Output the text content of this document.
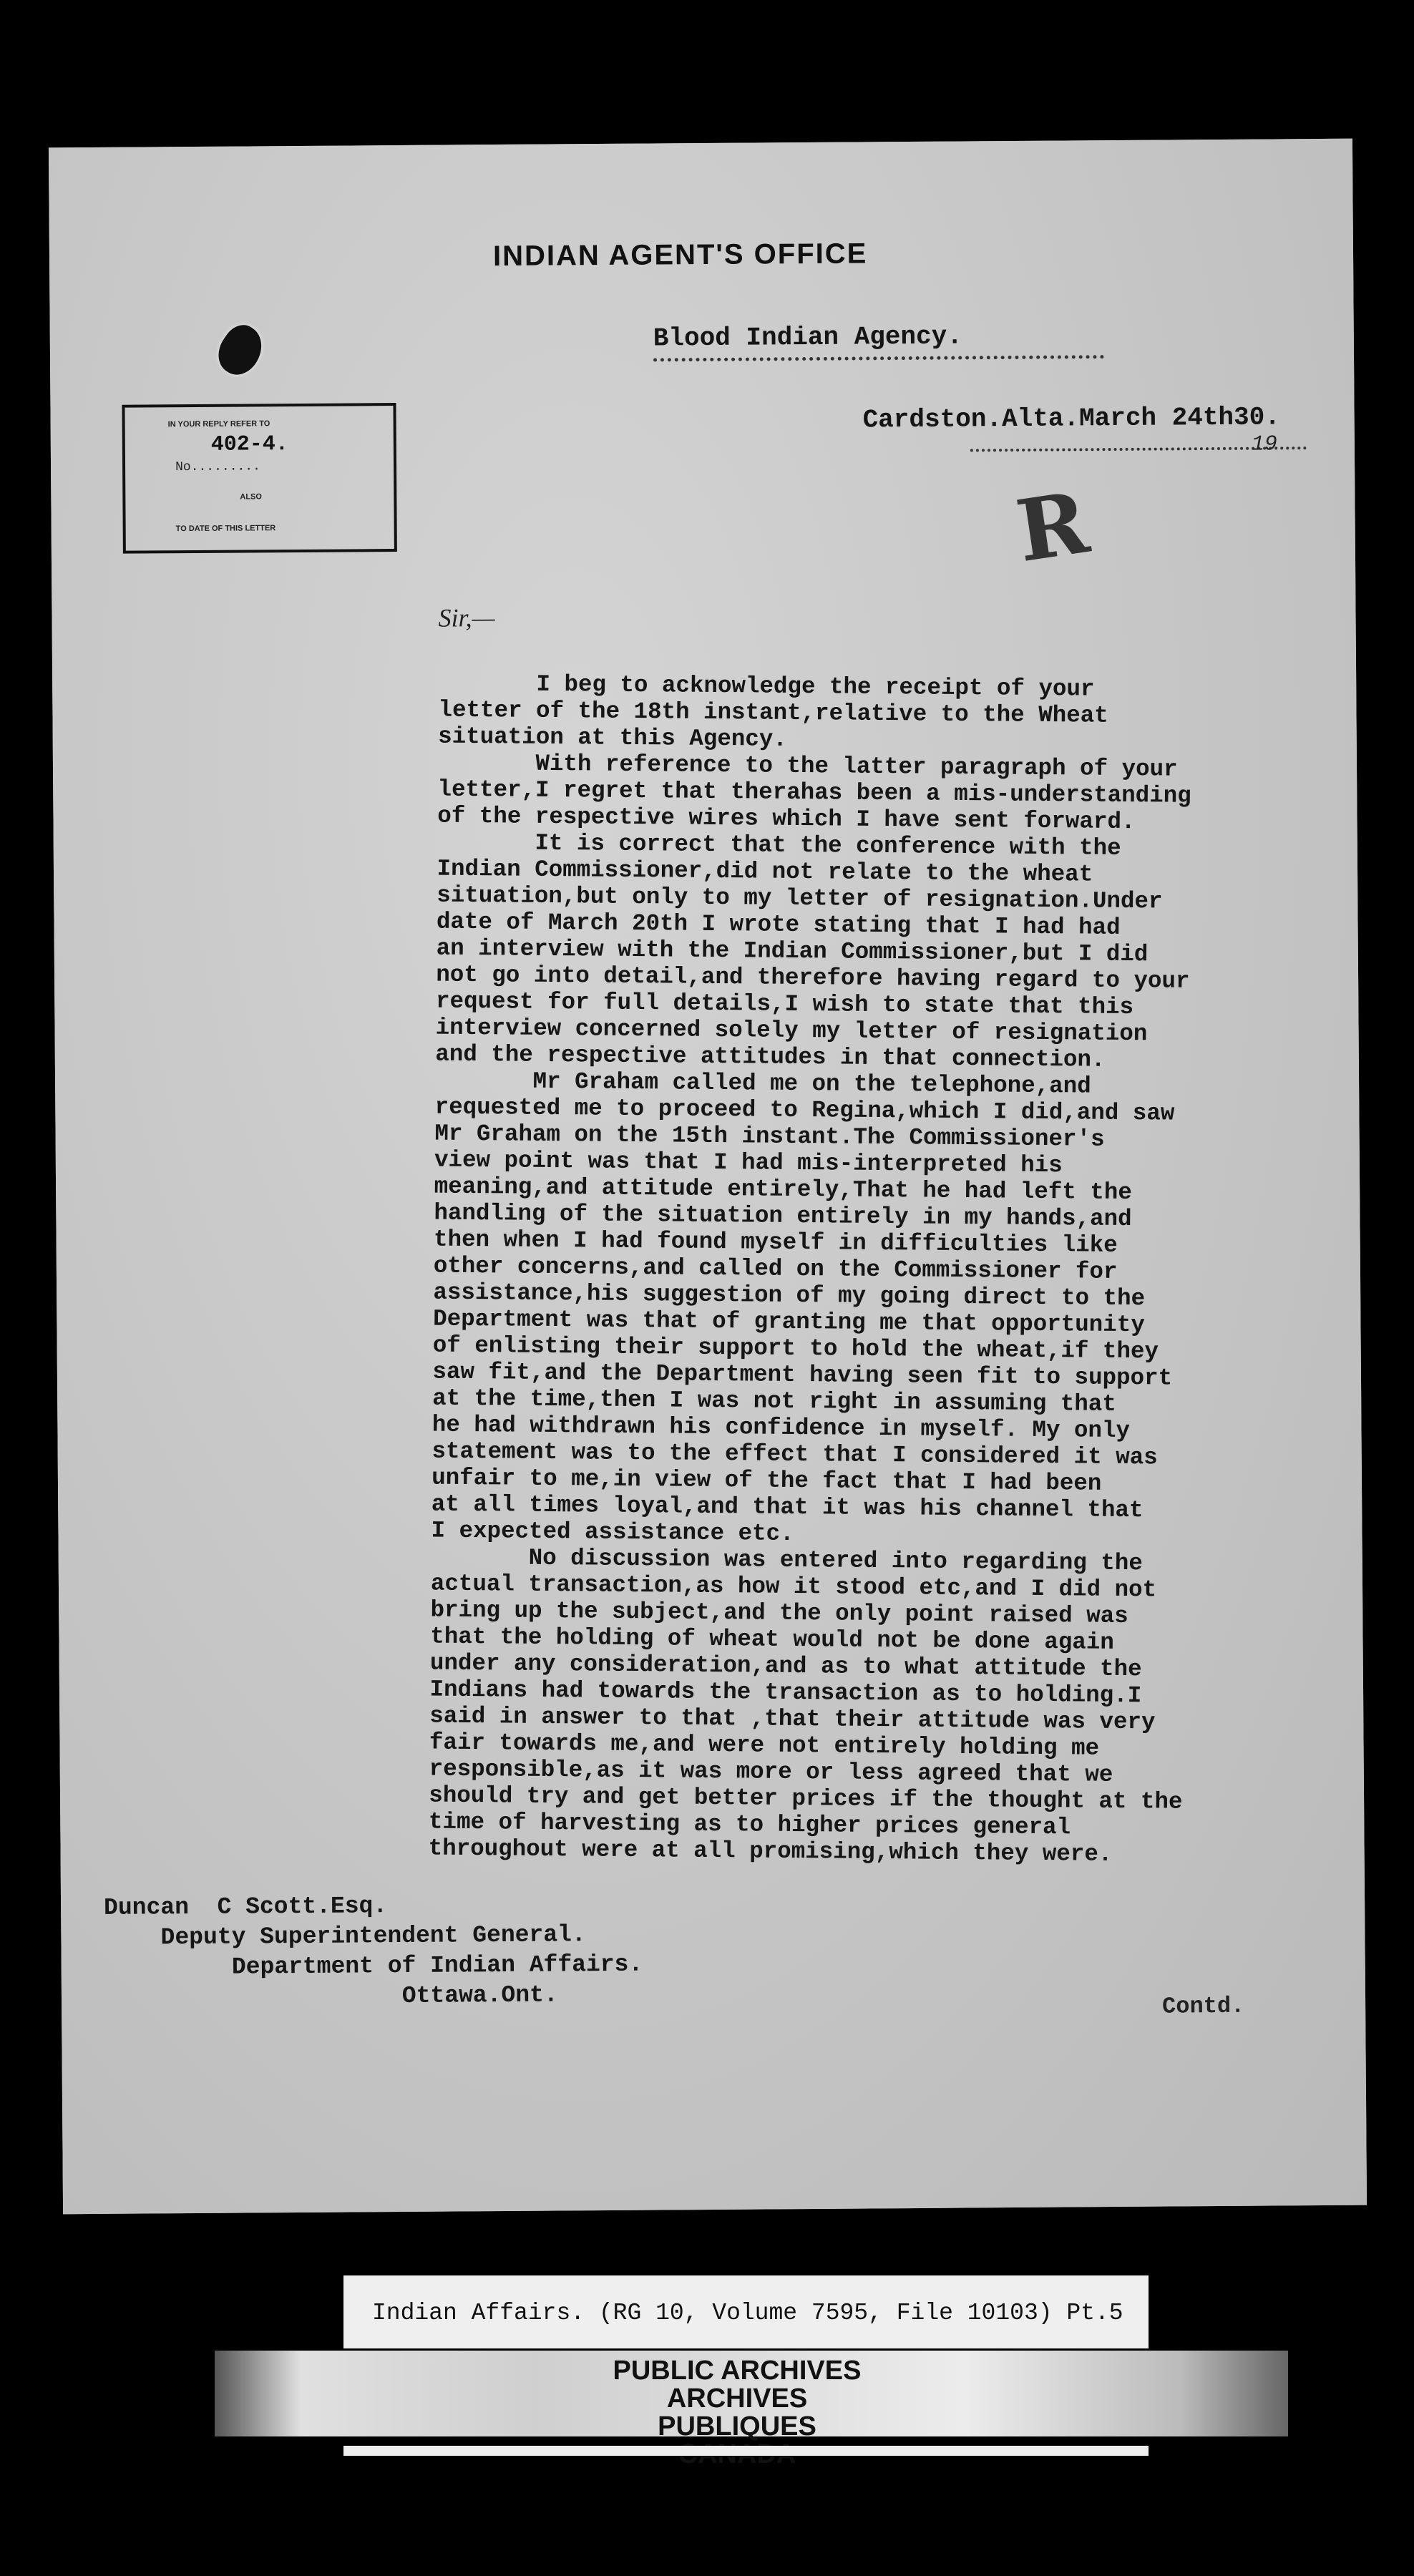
INDIAN AGENT'S OFFICE
Blood Indian Agency.
Cardston.Alta.March 24th30.
19
IN YOUR REPLY REFER TO
402-4.
No.........
ALSO
TO DATE OF THIS LETTER	R
Sir,—
I beg to acknowledge the receipt of your
letter of the 18th instant,relative to the Wheat
situation at this Agency.
With reference to the latter paragraph of your
letter,I regret that therahas been a mis-understanding
of the respective wires which I have sent forward.
It is correct that the conference with the
Indian Commissioner,did not relate to the wheat
situation,but only to my letter of resignation.Under
date of March 20th I wrote stating that I had had
an interview with the Indian Commissioner,but I did
not go into detail,and therefore having regard to your
request for full details,I wish to state that this
interview concerned solely my letter of resignation
and the respective attitudes in that connection.
Mr Graham called me on the telephone,and
requested me to proceed to Regina,which I did,and saw
Mr Graham on the 15th instant.The Commissioner's
view point was that I had mis-interpreted his
meaning,and attitude entirely,That he had left the
handling of the situation entirely in my hands,and
then when I had found myself in difficulties like
other concerns,and called on the Commissioner for
assistance,his suggestion of my going direct to the
Department was that of granting me that opportunity
of enlisting their support to hold the wheat,if they
saw fit,and the Department having seen fit to support
at the time,then I was not right in assuming that
he had withdrawn his confidence in myself. My only
statement was to the effect that I considered it was
unfair to me,in view of the fact that I had been
at all times loyal,and that it was his channel that
I expected assistance etc.
No discussion was entered into regarding the
actual transaction,as how it stood etc,and I did not
bring up the subject,and the only point raised was
that the holding of wheat would not be done again
under any consideration,and as to what attitude the
Indians had towards the transaction as to holding.I
said in answer to that ,that their attitude was very
fair towards me,and were not entirely holding me
responsible,as it was more or less agreed that we
should try and get better prices if the thought at the
time of harvesting as to higher prices general
throughout were at all promising,which they were.
Duncan  C Scott.Esq.
Deputy Superintendent General.
Department of Indian Affairs.
Ottawa.Ont.	Contd.
Indian Affairs. (RG 10, Volume 7595, File 10103) Pt.5
PUBLIC ARCHIVES
ARCHIVES PUBLIQUES
